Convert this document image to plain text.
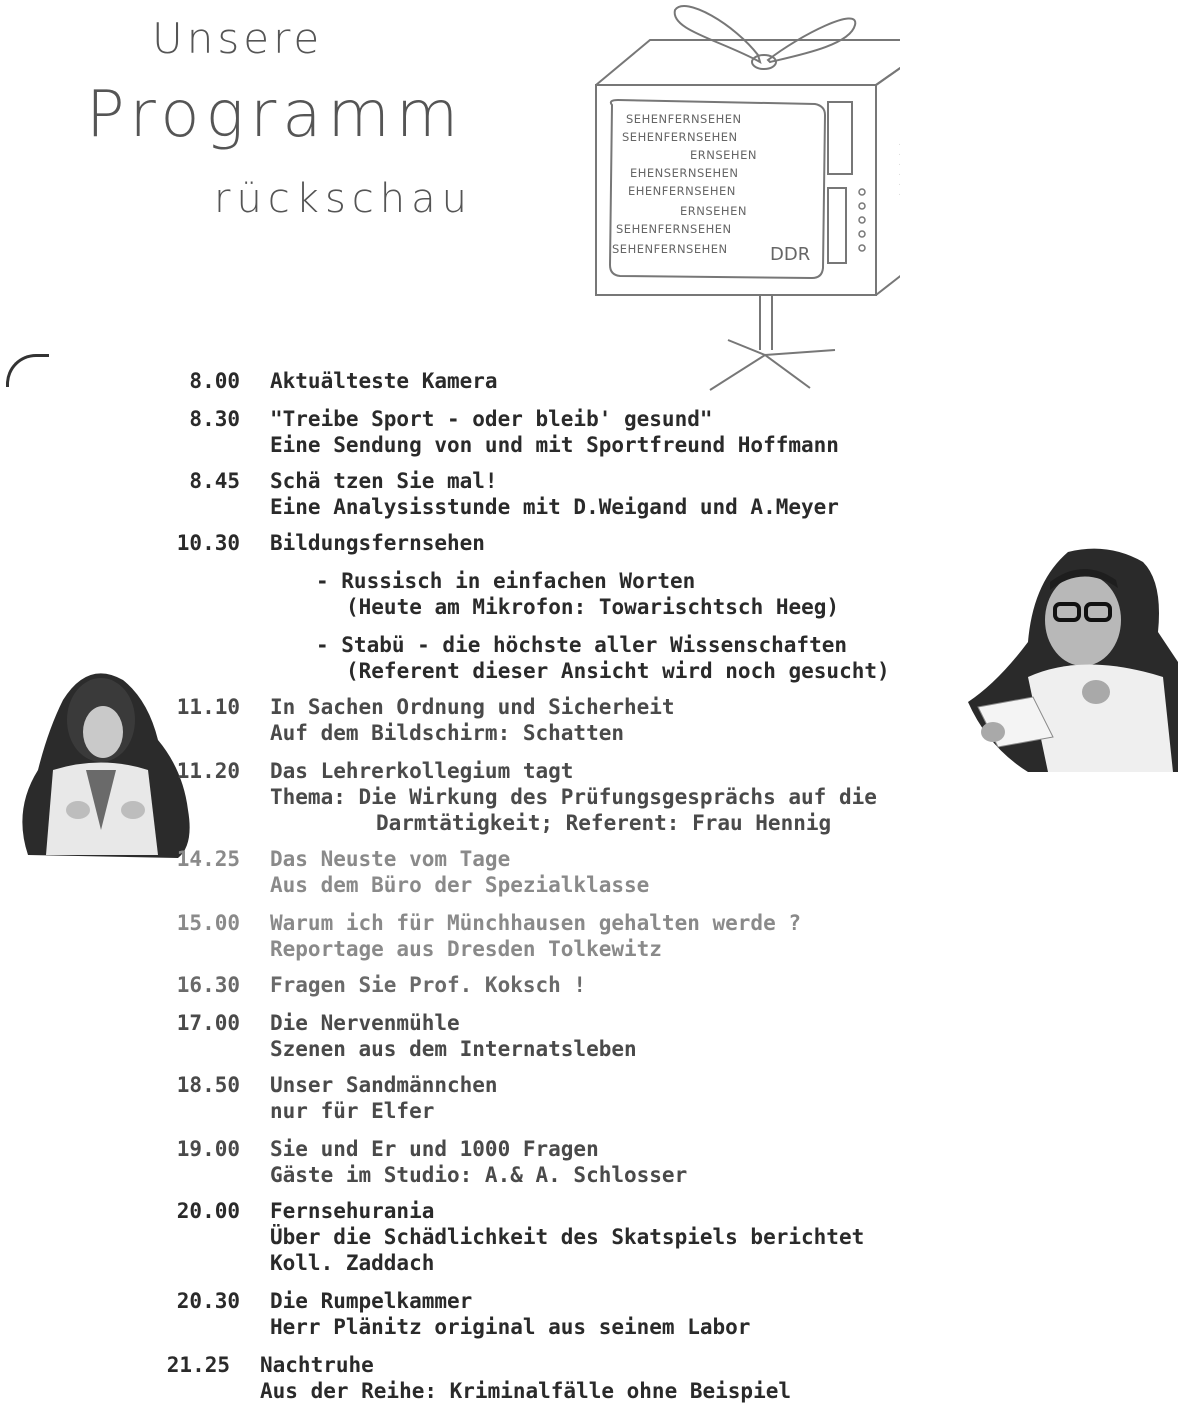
Unsere
Programm
rückschau
SEHENFERNSEHEN
SEHENFERNSEHEN
ERNSEHEN
EHENSERNSEHEN
EHENFERNSEHEN
ERNSEHEN
SEHENFERNSEHEN
SEHENFERNSEHEN DDR
8.00 Aktuälteste Kamera
8.30 "Treibe Sport - oder bleib' gesund"
Eine Sendung von und mit Sportfreund Hoffmann
8.45 Schä tzen Sie mal!
Eine Analysisstunde mit D.Weigand und A.Meyer
10.30 Bildungsfernsehen
- Russisch in einfachen Worten
(Heute am Mikrofon: Towarischtsch Heeg)
- Stabü - die höchste aller Wissenschaften
(Referent dieser Ansicht wird noch gesucht)
11.10 In Sachen Ordnung und Sicherheit
Auf dem Bildschirm: Schatten
11.20 Das Lehrerkollegium tagt
Thema: Die Wirkung des Prüfungsgesprächs auf die
Darmtätigkeit; Referent: Frau Hennig
14.25 Das Neuste vom Tage
Aus dem Büro der Spezialklasse
15.00 Warum ich für Münchhausen gehalten werde ?
Reportage aus Dresden Tolkewitz
16.30 Fragen Sie Prof. Koksch !
17.00 Die Nervenmühle
Szenen aus dem Internatsleben
18.50 Unser Sandmännchen
nur für Elfer
19.00 Sie und Er und 1000 Fragen
Gäste im Studio: A.& A. Schlosser
20.00 Fernsehurania
Über die Schädlichkeit des Skatspiels berichtet
Koll. Zaddach
20.30 Die Rumpelkammer
Herr Plänitz original aus seinem Labor
21.25 Nachtruhe
Aus der Reihe: Kriminalfälle ohne Beispiel
